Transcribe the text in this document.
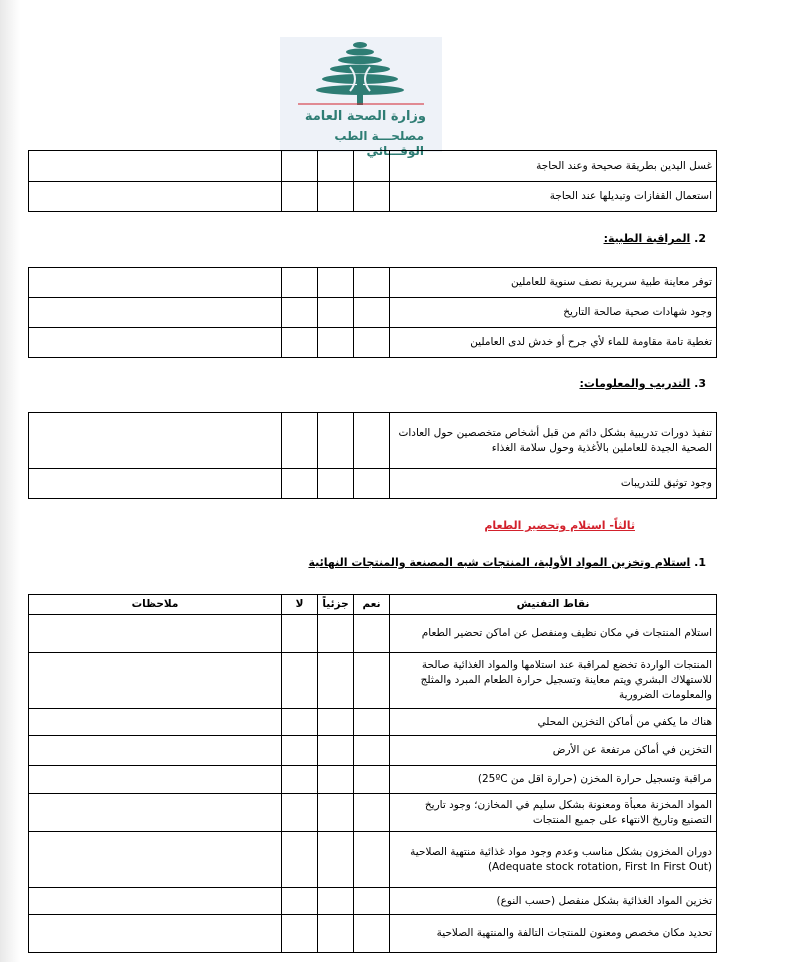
وزارة الصحة العامة
مصلحـــة الطب الوقـــائي
				غسل اليدين بطريقة صحيحة وعند الحاجة
				استعمال القفازات وتبديلها عند الحاجة
2. المراقبة الطبية:
				توفر معاينة طبية سريرية نصف سنوية للعاملين
				وجود شهادات صحية صالحة التاريخ
				تغطية تامة مقاومة للماء لأي جرح أو خدش لدى العاملين
3. التدريب والمعلومات:
				تنفيذ دورات تدريبية بشكل دائم من قبل أشخاص متخصصين حول العادات الصحية الجيدة للعاملين بالأغذية وحول سلامة الغذاء
				وجود توثيق للتدريبات
ثالثاً- استلام وتحضير الطعام
1. استلام وتخزين المواد الأولية، المنتجات شبه المصنعة والمنتجات النهائية
ملاحظات	لا	جزئياً	نعم	نقاط التفتيش
				استلام المنتجات في مكان نظيف ومنفصل عن اماكن تحضير الطعام
				المنتجات الواردة تخضع لمراقبة عند استلامها والمواد الغذائية صالحة للاستهلاك البشري ويتم معاينة وتسجيل حرارة الطعام المبرد والمثلج والمعلومات الضرورية
				هناك ما يكفي من أماكن التخزين المحلي
				التخزين في أماكن مرتفعة عن الأرض
				مراقبة وتسجيل حرارة المخزن (حرارة اقل من 25ºC)
				المواد المخزنة معبأة ومعنونة بشكل سليم في المخازن؛ وجود تاريخ التصنيع وتاريخ الانتهاء على جميع المنتجات
				دوران المخزون بشكل مناسب وعدم وجود مواد غذائية منتهية الصلاحية (Adequate stock rotation, First In First Out)
				تخزين المواد الغذائية بشكل منفصل (حسب النوع)
				تحديد مكان مخصص ومعنون للمنتجات التالفة والمنتهية الصلاحية
